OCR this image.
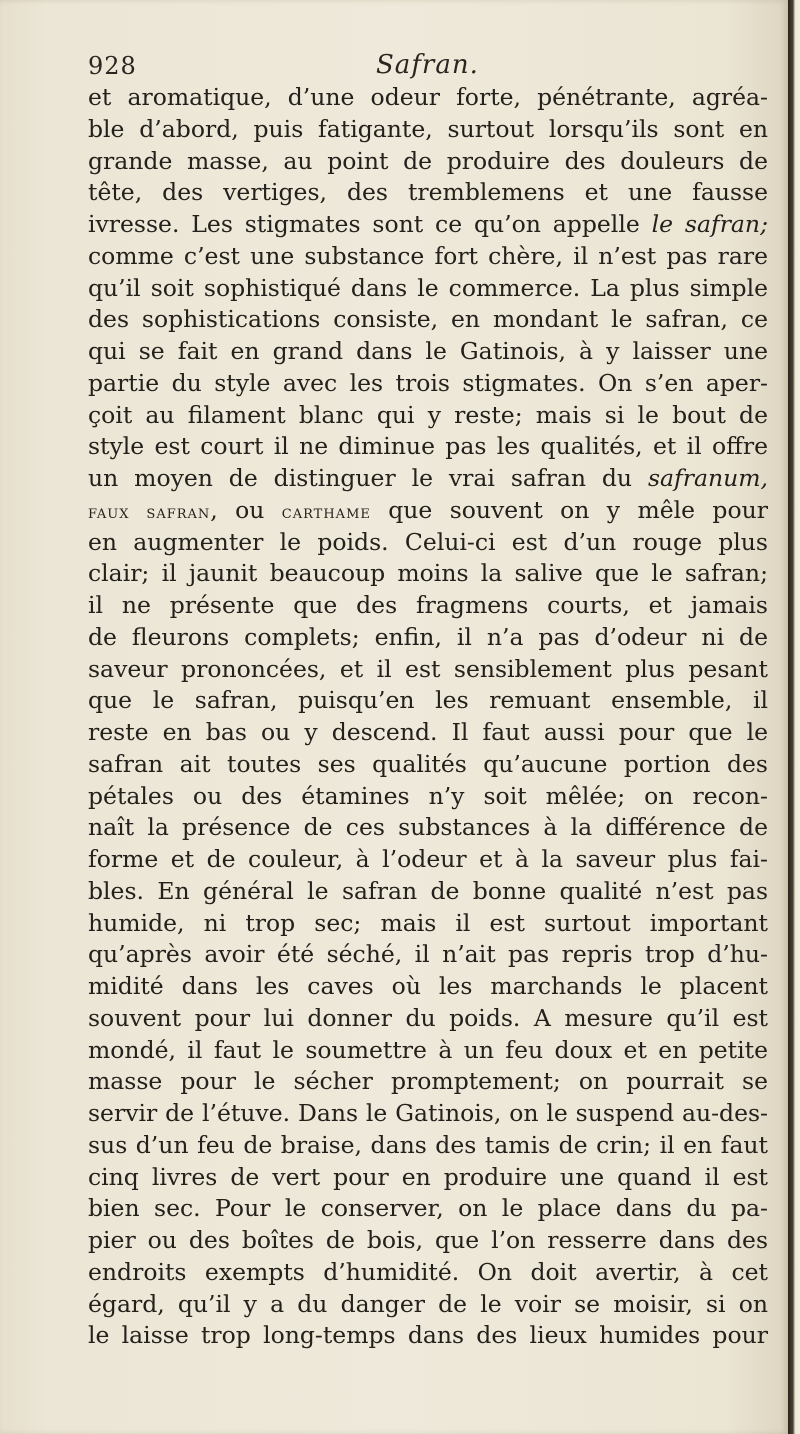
928	Safran.
et aromatique, d’une odeur forte, pénétrante, agréa-
ble d’abord, puis fatigante, surtout lorsqu’ils sont en
grande masse, au point de produire des douleurs de
tête, des vertiges, des tremblemens et une fausse
ivresse. Les stigmates sont ce qu’on appelle le safran;
comme c’est une substance fort chère, il n’est pas rare
qu’il soit sophistiqué dans le commerce. La plus simple
des sophistications consiste, en mondant le safran, ce
qui se fait en grand dans le Gatinois, à y laisser une
partie du style avec les trois stigmates. On s’en aper-
çoit au filament blanc qui y reste; mais si le bout de
style est court il ne diminue pas les qualités, et il offre
un moyen de distinguer le vrai safran du safranum,
faux safran, ou carthame que souvent on y mêle pour
en augmenter le poids. Celui-ci est d’un rouge plus
clair; il jaunit beaucoup moins la salive que le safran;
il ne présente que des fragmens courts, et jamais
de fleurons complets; enfin, il n’a pas d’odeur ni de
saveur prononcées, et il est sensiblement plus pesant
que le safran, puisqu’en les remuant ensemble, il
reste en bas ou y descend. Il faut aussi pour que le
safran ait toutes ses qualités qu’aucune portion des
pétales ou des étamines n’y soit mêlée; on recon-
naît la présence de ces substances à la différence de
forme et de couleur, à l’odeur et à la saveur plus fai-
bles. En général le safran de bonne qualité n’est pas
humide, ni trop sec; mais il est surtout important
qu’après avoir été séché, il n’ait pas repris trop d’hu-
midité dans les caves où les marchands le placent
souvent pour lui donner du poids. A mesure qu’il est
mondé, il faut le soumettre à un feu doux et en petite
masse pour le sécher promptement; on pourrait se
servir de l’étuve. Dans le Gatinois, on le suspend au-des-
sus d’un feu de braise, dans des tamis de crin; il en faut
cinq livres de vert pour en produire une quand il est
bien sec. Pour le conserver, on le place dans du pa-
pier ou des boîtes de bois, que l’on resserre dans des
endroits exempts d’humidité. On doit avertir, à cet
égard, qu’il y a du danger de le voir se moisir, si on
le laisse trop long-temps dans des lieux humides pour
